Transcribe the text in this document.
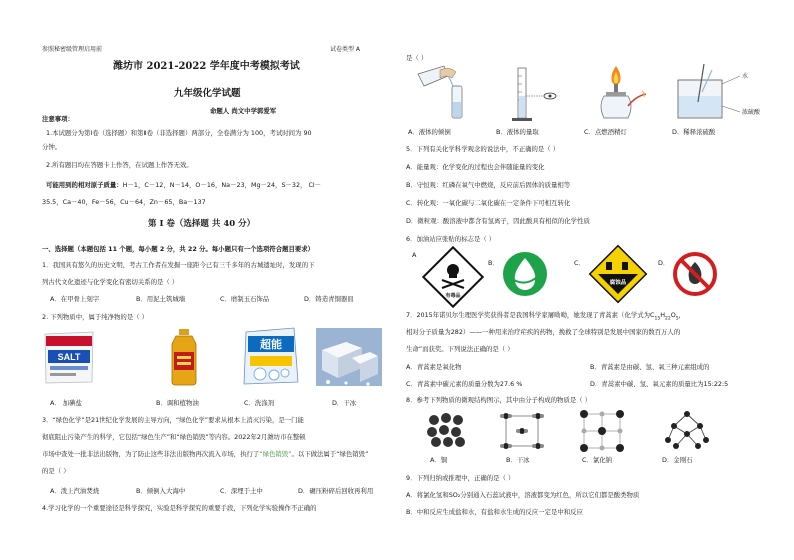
参照秘密级管理启用前	试卷类型 A
潍坊市 2021-2022 学年度中考模拟考试
九年级化学试题
命题人 尚文中学郭爱军
注意事项：
1.本试题分为第Ⅰ卷（选择题）和第Ⅱ卷（非选择题）两部分，全卷满分为 100，考试时间为 90
分钟。
2.所有题目均在答题卡上作答，在试题上作答无效。
可能用到的相对原子质量：H－1，C－12，N－14，O－16，Na－23，Mg－24，S－32， Cl－
35.5，Ca－40，Fe－56，Cu－64，Zn－65，Ba－137
第 Ⅰ 卷（选择题 共 40 分）
一、选择题（本题包括 11 个题，每小题 2 分，共 22 分。每小题只有一个选项符合题目要求）
1．我国具有悠久的历史文明，考古工作者在发掘一座距今已有三千多年的古城遗址时，发现的下
列古代文化遗迹与化学变化有密切关系的是（ ）
A．在甲骨上刻字	B．用泥土筑城墙	C．磨制玉石饰品	D．铸造青铜器皿
2. 下列物质中，属于纯净物的是（ ）
SALT
超能
A． 加碘盐	B．调和植物油	C．洗涤剂	D．干冰
3．“绿色化学”是21世纪化学发展的主导方向，“绿色化学”要求从根本上消灭污染，是一门能
彻底阻止污染产生的科学，它包括“绿色生产”和“绿色销毁”等内容。2022年2月潍坊市在整顿
市场中查处一批非法出版物，为了防止这些非法出版物再次流入市场，执行了“绿色销毁”。以下做法属于“绿色销毁”
的是（ ）
A．泼上汽油焚烧	B．倾倒入大海中	C．深埋于土中	D．碾压粉碎后回收再利用
4.学习化学的一个重要途径是科学探究，实验是科学探究的重要手段，下列化学实验操作不正确的
是（ ）
水
浓硫酸
A．液体的倾倒	B．液体的量取	C．点燃酒精灯	D．稀释浓硫酸
5．下列有关化学科学观念的说法中，不正确的是（ ）
A．能量观：化学变化的过程也会伴随能量的变化
B．守恒观：红磷在氧气中燃烧，反应前后固体的质量相等
C．转化观：一氧化碳与二氧化碳在一定条件下可相互转化
D．微粒观：酸溶液中都含有氢离子，因此酸具有相似的化学性质
6．加油站应张贴的标志是（ ）
A
有毒品
B．	C．
腐蚀品
D．
7．2015年诺贝尔生理医学奖获得者是我国科学家屠呦呦，她发现了青蒿素（化学式为$C_{15}H_{22}O_5$，
相对分子质量为282）——一种用来治疗疟疾的药物，挽救了全球特别是发展中国家的数百万人的
生命”而获奖。下列说法正确的是（ ）
A．青蒿素是氧化物	B．青蒿素是由碳、氢、氧三种元素组成的
C．青蒿素中碳元素的质量分数为27.6 %	D．青蒿素中碳、氢、氧元素的质量比为15:22:5
8．参考下列物质的微观结构图示，其中由分子构成的物质是（ ）
A．铜	B．干冰	C．氯化钠	D．金刚石
9．下列归纳或推理中，正确的是（ ）
A．将氯化氢和SO₂分别通入石蕊试液中，溶液都变为红色，所以它们都是酸类物质
B．中和反应生成盐和水，有盐和水生成的反应一定是中和反应
